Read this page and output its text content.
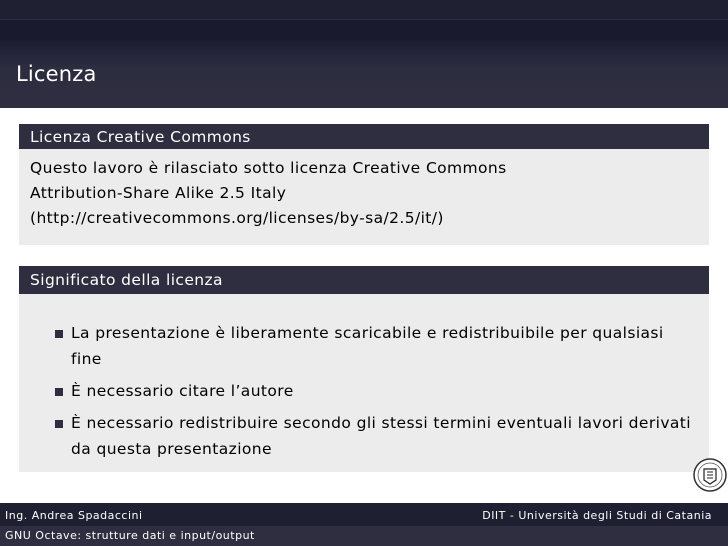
Licenza
Licenza Creative Commons
Questo lavoro è rilasciato sotto licenza Creative Commons
Attribution-Share Alike 2.5 Italy
(http://creativecommons.org/licenses/by-sa/2.5/it/)
Significato della licenza
La presentazione è liberamente scaricabile e redistribuibile per qualsiasi fine
È necessario citare l’autore
È necessario redistribuire secondo gli stessi termini eventuali lavori derivati da questa presentazione
Ing. Andrea Spadaccini	DIIT - Università degli Studi di Catania
GNU Octave: strutture dati e input/output
